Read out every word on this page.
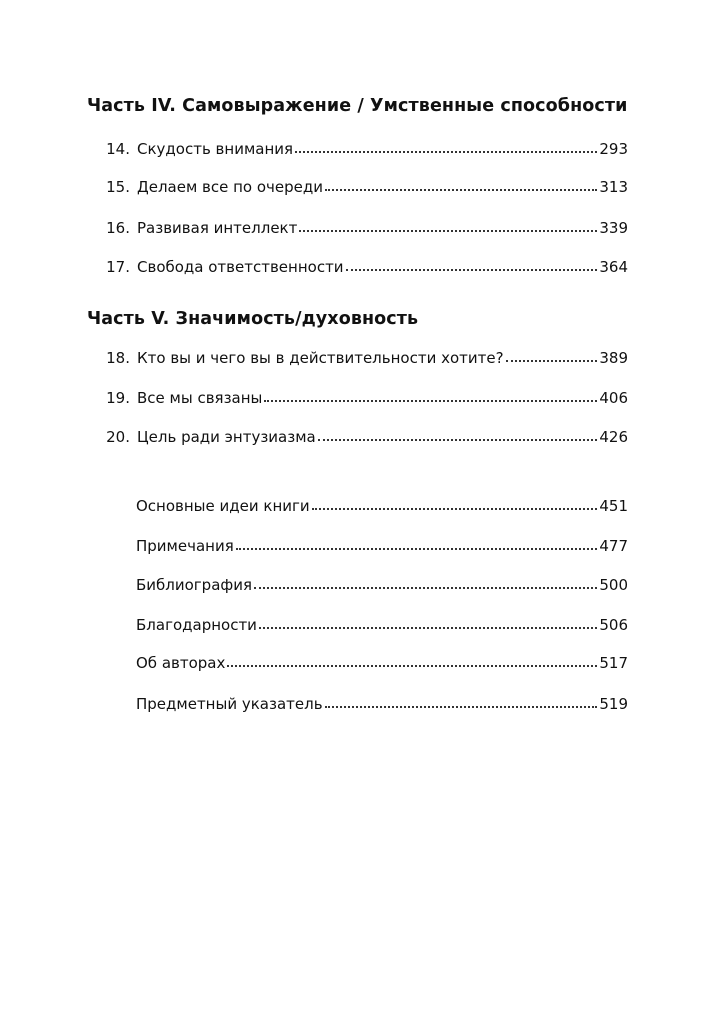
Часть IV. Самовыражение / Умственные способности
14. Скудость внимания	293
15. Делаем все по очереди	313
16. Развивая интеллект	339
17. Свобода ответственности	364
Часть V. Значимость/духовность
18. Кто вы и чего вы в действительности хотите?	389
19. Все мы связаны	406
20. Цель ради энтузиазма	426
Основные идеи книги	451
Примечания	477
Библиография	500
Благодарности	506
Об авторах	517
Предметный указатель	519
